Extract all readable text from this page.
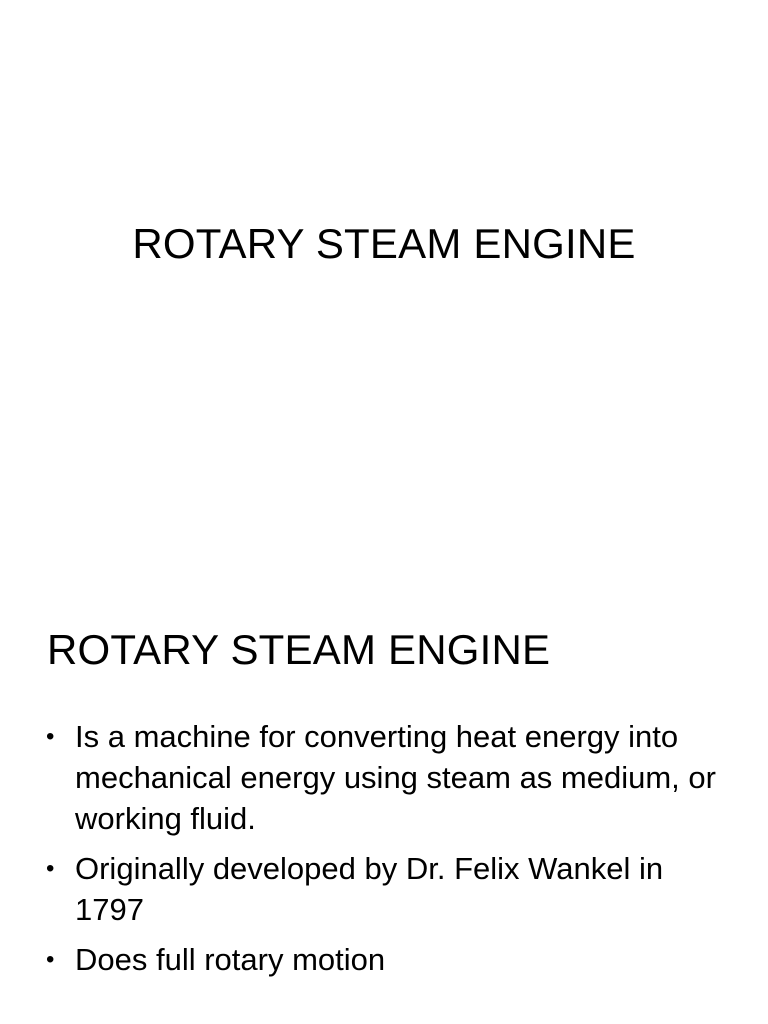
ROTARY STEAM ENGINE
ROTARY STEAM ENGINE
• Is a machine for converting heat energy into mechanical energy using steam as medium, or working fluid.
• Originally developed by Dr. Felix Wankel in 1797
• Does full rotary motion
